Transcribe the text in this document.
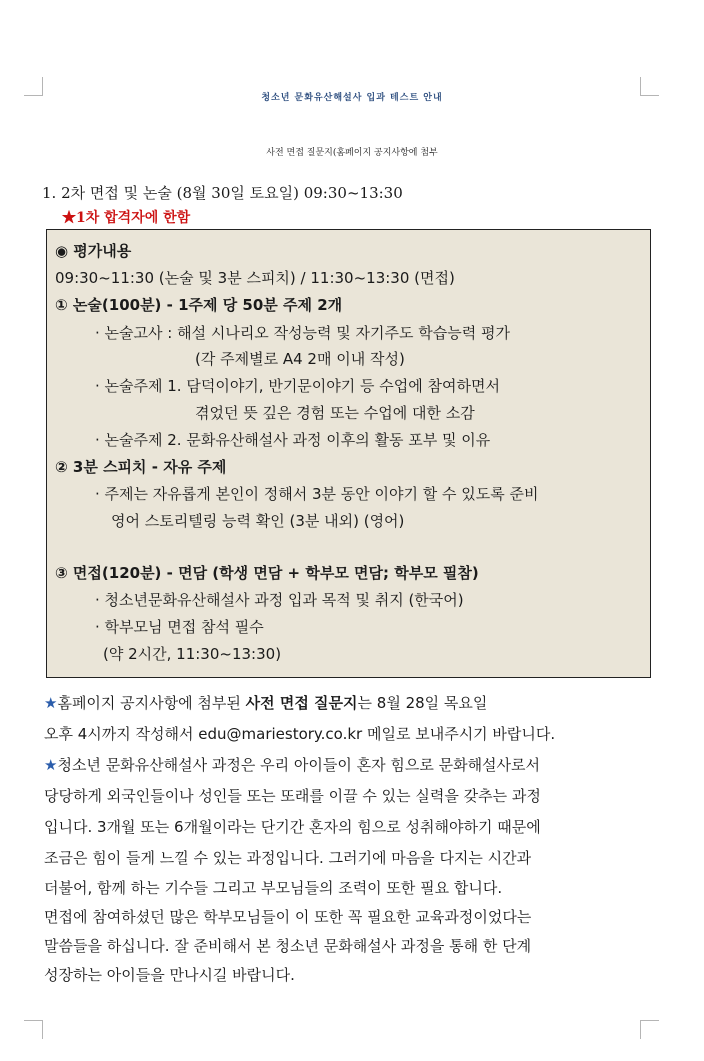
청소년 문화유산해설사 입과 테스트 안내
사전 면접 질문지(홈페이지 공지사항에 첨부
1. 2차 면접 및 논술 (8월 30일 토요일) 09:30~13:30
★1차 합격자에 한함
◉ 평가내용
09:30~11:30 (논술 및 3분 스피치) / 11:30~13:30 (면접)
① 논술(100분) - 1주제 당 50분 주제 2개
· 논술고사 : 해설 시나리오 작성능력 및 자기주도 학습능력 평가
(각 주제별로 A4 2매 이내 작성)
· 논술주제 1. 담덕이야기, 반기문이야기 등 수업에 참여하면서
겪었던 뜻 깊은 경험 또는 수업에 대한 소감
· 논술주제 2. 문화유산해설사 과정 이후의 활동 포부 및 이유
② 3분 스피치 - 자유 주제
· 주제는 자유롭게 본인이 정해서 3분 동안 이야기 할 수 있도록 준비
영어 스토리텔링 능력 확인 (3분 내외) (영어)
③ 면접(120분) - 면담 (학생 면담 + 학부모 면담; 학부모 필참)
· 청소년문화유산해설사 과정 입과 목적 및 취지 (한국어)
· 학부모님 면접 참석 필수
(약 2시간, 11:30~13:30)
★홈페이지 공지사항에 첨부된 사전 면접 질문지는 8월 28일 목요일
오후 4시까지 작성해서 edu@mariestory.co.kr 메일로 보내주시기 바랍니다.
★청소년 문화유산해설사 과정은 우리 아이들이 혼자 힘으로 문화해설사로서
당당하게 외국인들이나 성인들 또는 또래를 이끌 수 있는 실력을 갖추는 과정
입니다. 3개월 또는 6개월이라는 단기간 혼자의 힘으로 성취해야하기 때문에
조금은 힘이 들게 느낄 수 있는 과정입니다. 그러기에 마음을 다지는 시간과
더불어, 함께 하는 기수들 그리고 부모님들의 조력이 또한 필요 합니다.
면접에 참여하셨던 많은 학부모님들이 이 또한 꼭 필요한 교육과정이었다는
말씀들을 하십니다. 잘 준비해서 본 청소년 문화해설사 과정을 통해 한 단계
성장하는 아이들을 만나시길 바랍니다.
